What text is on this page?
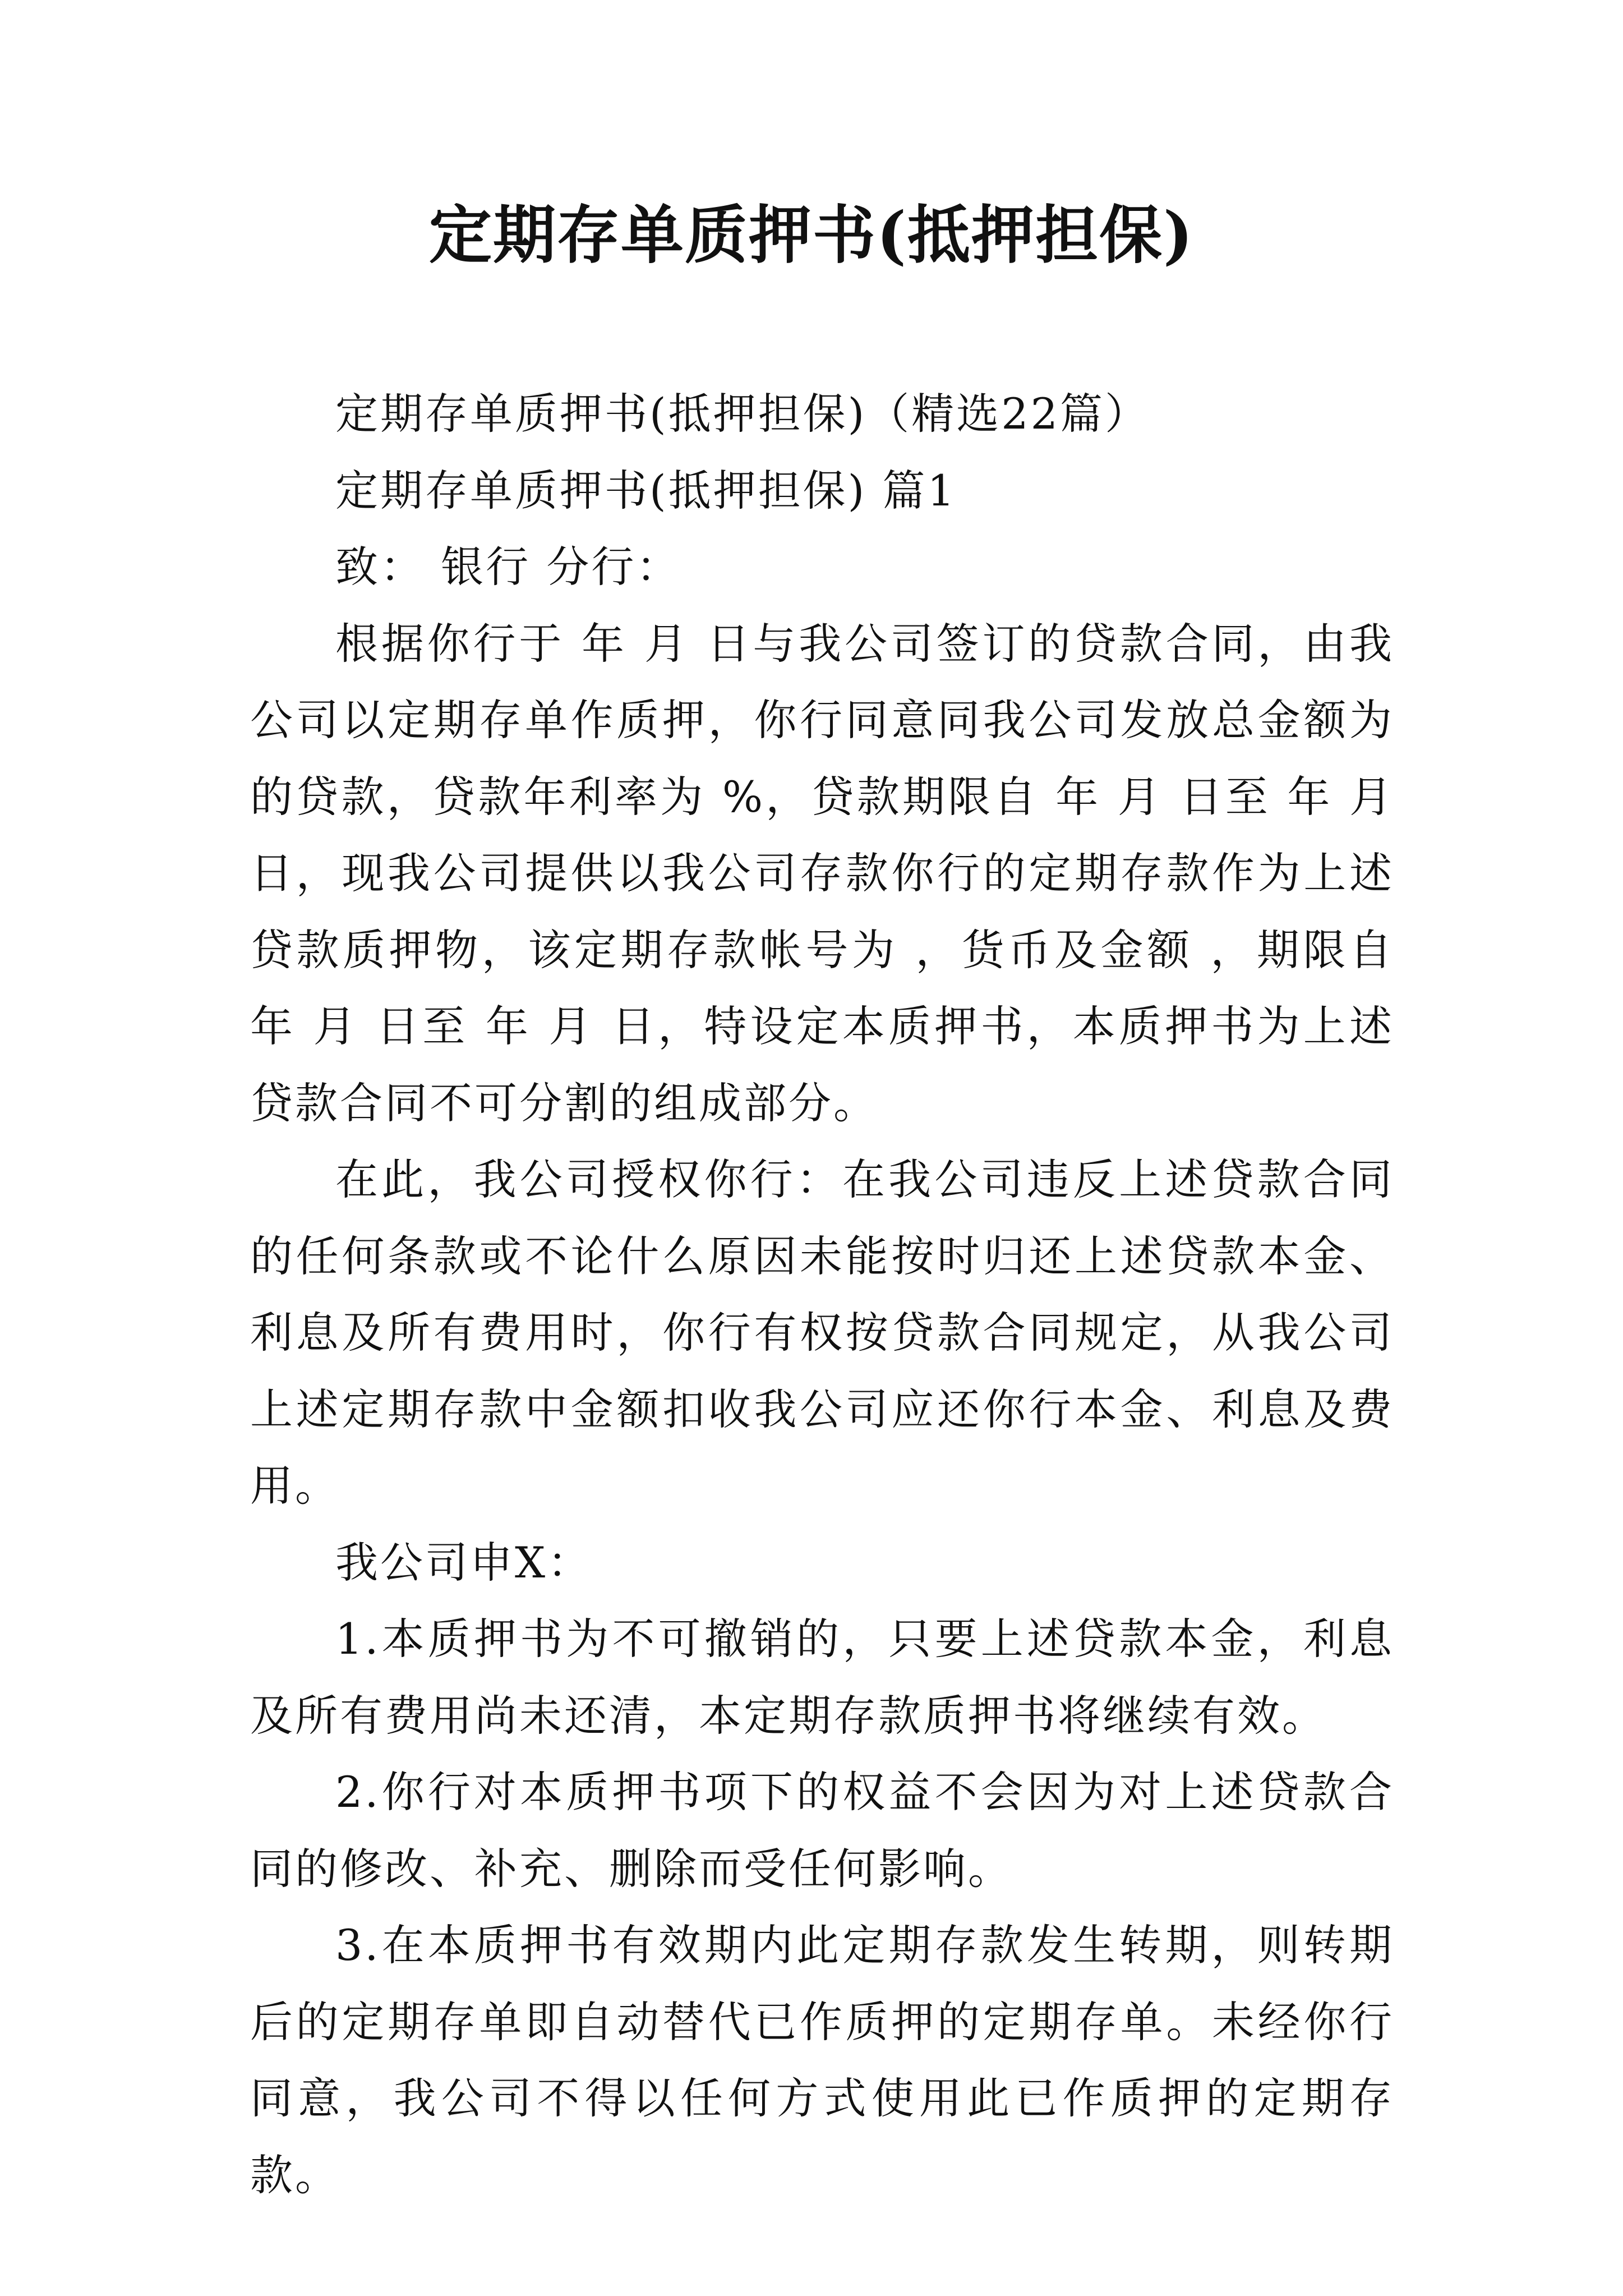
定期存单质押书(抵押担保)

定期存单质押书(抵押担保)（精选22篇）

定期存单质押书(抵押担保) 篇1

致： 银行 分行：

根据你行于 年 月 日与我公司签订的贷款合同，由我公司以定期存单作质押，你行同意同我公司发放总金额为的贷款，贷款年利率为 %，贷款期限自 年 月 日至 年 月 日，现我公司提供以我公司存款你行的定期存款作为上述贷款质押物，该定期存款帐号为 ，货币及金额 ，期限自 年 月 日至 年 月 日，特设定本质押书，本质押书为上述贷款合同不可分割的组成部分。

在此，我公司授权你行：在我公司违反上述贷款合同的任何条款或不论什么原因未能按时归还上述贷款本金、利息及所有费用时，你行有权按贷款合同规定，从我公司上述定期存款中金额扣收我公司应还你行本金、利息及费用。

我公司申X：

1.本质押书为不可撤销的，只要上述贷款本金，利息及所有费用尚未还清，本定期存款质押书将继续有效。

2.你行对本质押书项下的权益不会因为对上述贷款合同的修改、补充、删除而受任何影响。

3.在本质押书有效期内此定期存款发生转期，则转期后的定期存单即自动替代已作质押的定期存单。未经你行同意，我公司不得以任何方式使用此已作质押的定期存款。
